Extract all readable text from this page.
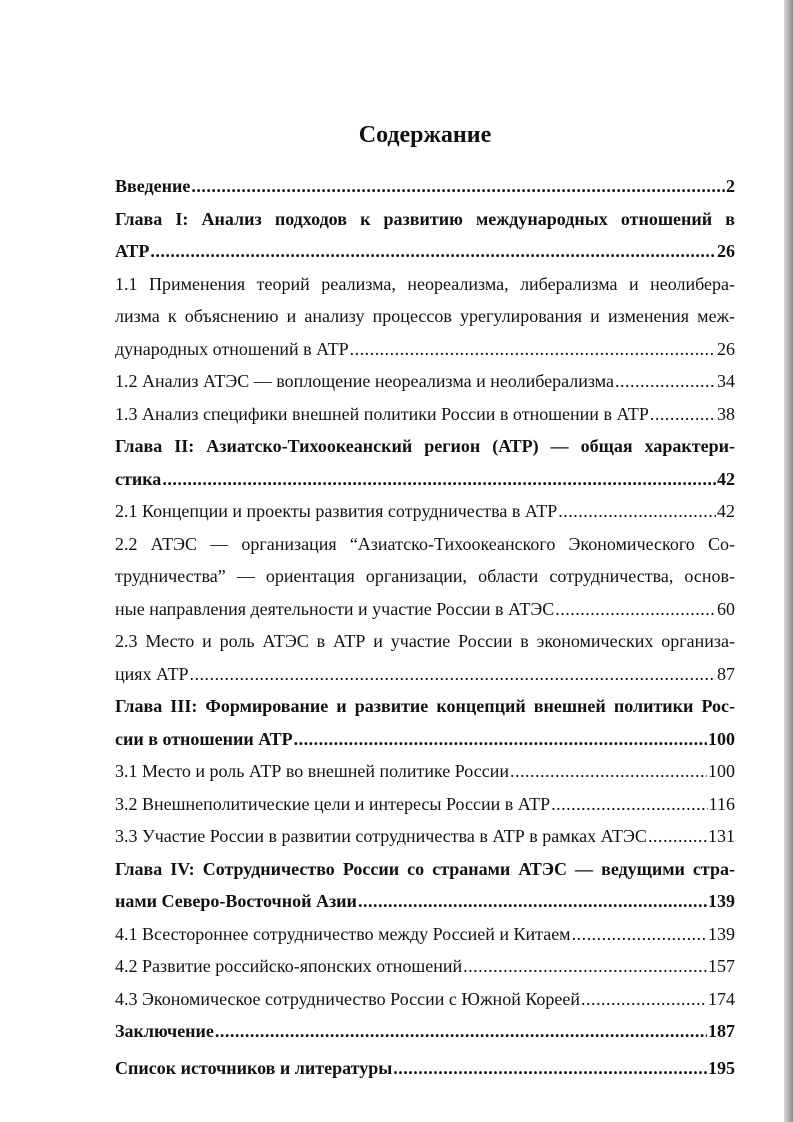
Содержание
Введение .....	2
Глава I: Анализ подходов к развитию международных отношений в
АТР .....	26
1.1 Применения теорий реализма, неореализма, либерализма и неолибера-
лизма к объяснению и анализу процессов урегулирования и изменения меж-
дународных отношений в АТР .....	26
1.2 Анализ АТЭС — воплощение неореализма и неолиберализма .....	34
1.3 Анализ специфики внешней политики России в отношении в АТР .....	38
Глава II: Азиатско-Тихоокеанский регион (АТР) — общая характери-
стика .....	42
2.1 Концепции и проекты развития сотрудничества в АТР .....	42
2.2 АТЭС — организация “Азиатско-Тихоокеанского Экономического Со-
трудничества” — ориентация организации, области сотрудничества, основ-
ные направления деятельности и участие России в АТЭС .....	60
2.3 Место и роль АТЭС в АТР и участие России в экономических организа-
циях АТР .....	87
Глава III: Формирование и развитие концепций внешней политики Рос-
сии в отношении АТР .....	100
3.1 Место и роль АТР во внешней политике России .....	100
3.2 Внешнеполитические цели и интересы России в АТР .....	116
3.3 Участие России в развитии сотрудничества в АТР в рамках АТЭС .....	131
Глава IV: Сотрудничество России со странами АТЭС — ведущими стра-
нами Северо-Восточной Азии .....	139
4.1 Всестороннее сотрудничество между Россией и Китаем .....	139
4.2 Развитие российско-японских отношений .....	157
4.3 Экономическое сотрудничество России с Южной Кореей .....	174
Заключение .....	187
Список источников и литературы .....	195
